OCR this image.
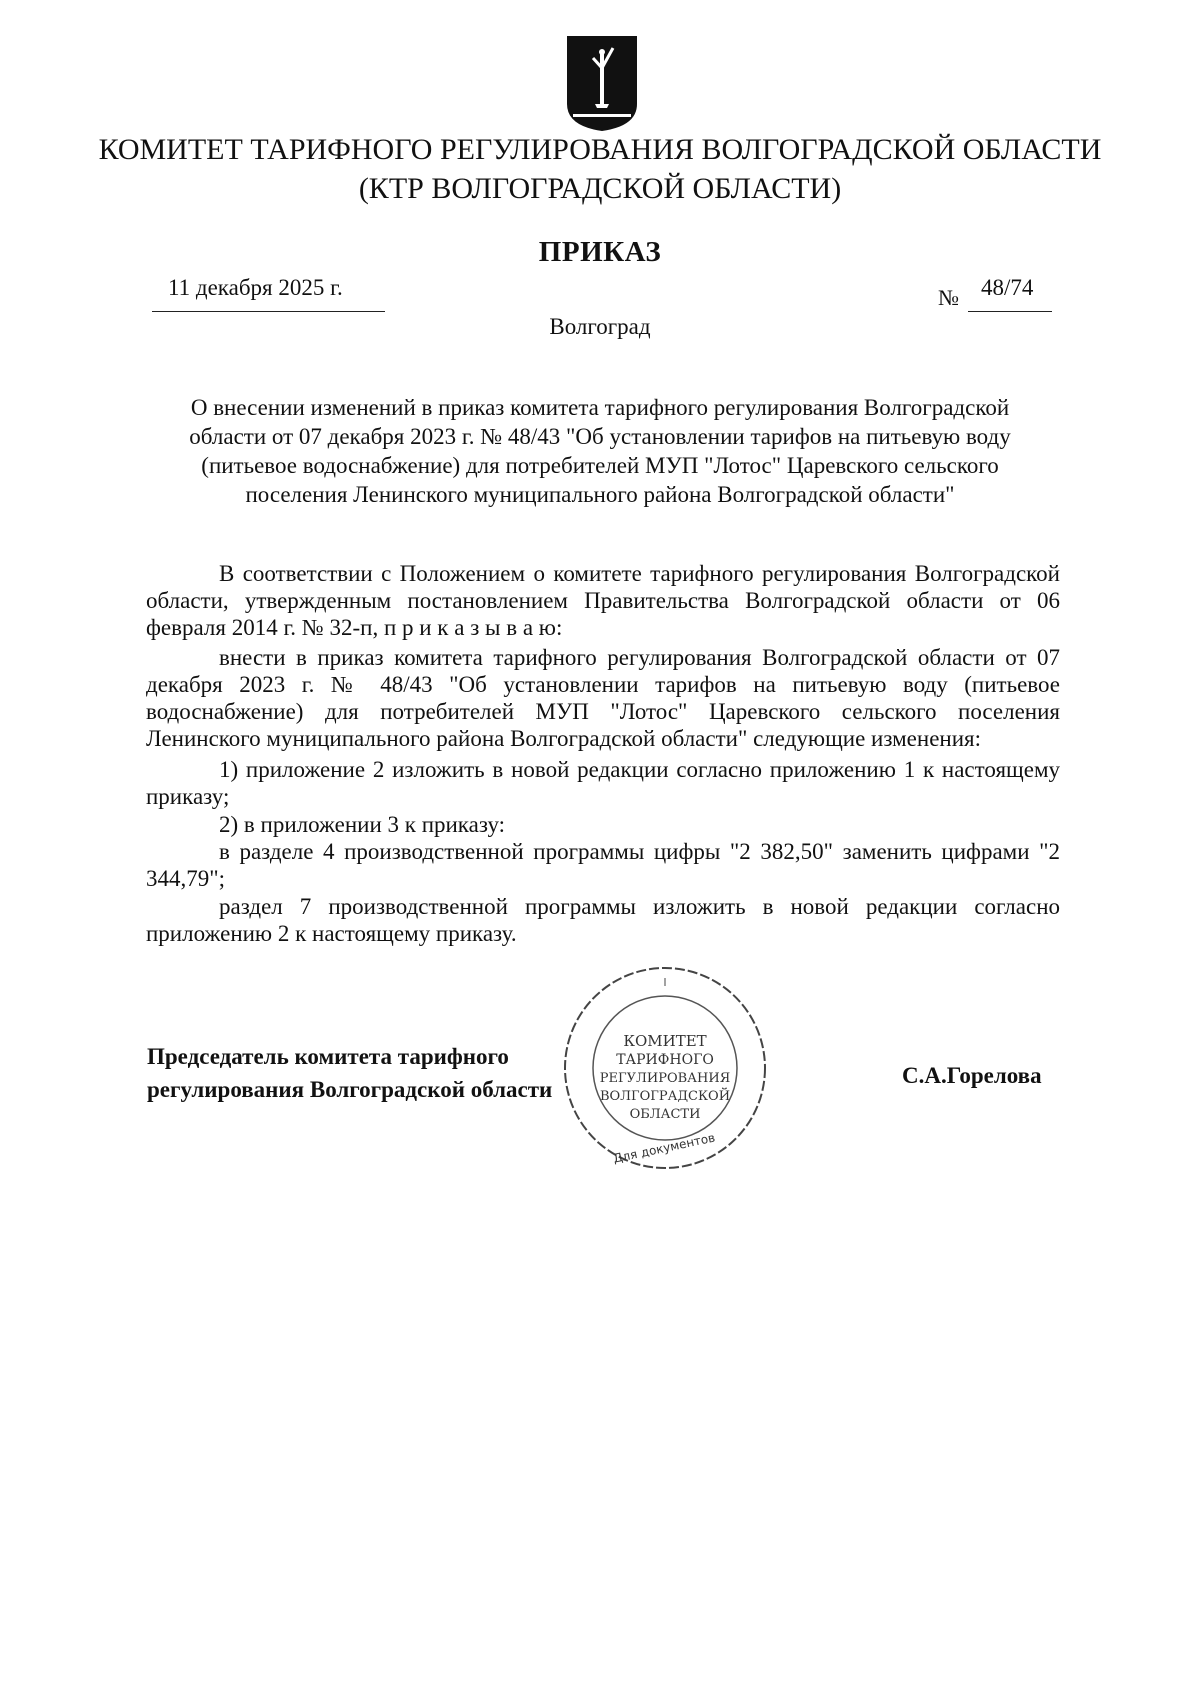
КОМИТЕТ ТАРИФНОГО РЕГУЛИРОВАНИЯ ВОЛГОГРАДСКОЙ ОБЛАСТИ
(КТР ВОЛГОГРАДСКОЙ ОБЛАСТИ)
ПРИКАЗ
11 декабря 2025 г.	№ 48/74
Волгоград
О внесении изменений в приказ комитета тарифного регулирования Волгоградской области от 07 декабря 2023 г. № 48/43 "Об установлении тарифов на питьевую воду (питьевое водоснабжение) для потребителей МУП "Лотос" Царевского сельского поселения Ленинского муниципального района Волгоградской области"

В соответствии с Положением о комитете тарифного регулирования Волгоградской области, утвержденным постановлением Правительства Волгоградской области от 06 февраля 2014 г. № 32-п, п р и к а з ы в а ю:

внести в приказ комитета тарифного регулирования Волгоградской области от 07 декабря 2023 г. № 48/43 "Об установлении тарифов на питьевую воду (питьевое водоснабжение) для потребителей МУП "Лотос" Царевского сельского поселения Ленинского муниципального района Волгоградской области" следующие изменения:

1) приложение 2 изложить в новой редакции согласно приложению 1 к настоящему приказу;

2) в приложении 3 к приказу:

в разделе 4 производственной программы цифры "2 382,50" заменить цифрами "2 344,79";

раздел 7 производственной программы изложить в новой редакции согласно приложению 2 к настоящему приказу.

Председатель комитета тарифного
регулирования Волгоградской области
С.А.Горелова
КОМИТЕТ
ТАРИФНОГО
РЕГУЛИРОВАНИЯ
ВОЛГОГРАДСКОЙ
ОБЛАСТИ
Для документов
